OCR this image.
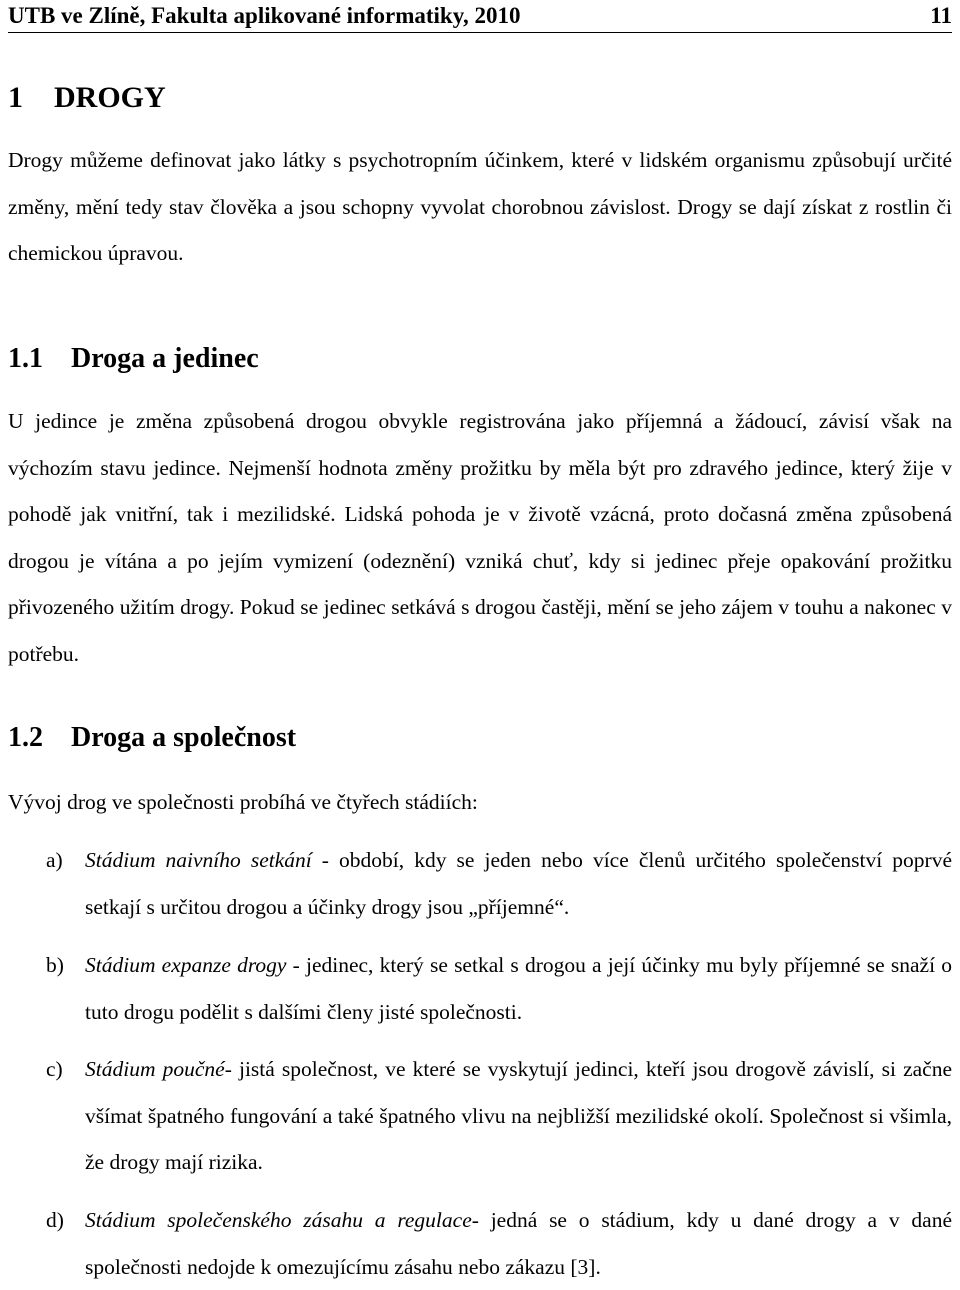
UTB ve Zlíně, Fakulta aplikované informatiky, 2010	11
1 DROGY

Drogy můžeme definovat jako látky s psychotropním účinkem, které v lidském organismu způsobují určité změny, mění tedy stav člověka a jsou schopny vyvolat chorobnou závislost. Drogy se dají získat z rostlin či chemickou úpravou.

1.1 Droga a jedinec

U jedince je změna způsobená drogou obvykle registrována jako příjemná a žádoucí, závisí však na výchozím stavu jedince. Nejmenší hodnota změny prožitku by měla být pro zdravého jedince, který žije v pohodě jak vnitřní, tak i mezilidské. Lidská pohoda je v životě vzácná, proto dočasná změna způsobená drogou je vítána a po jejím vymizení (odeznění) vzniká chuť, kdy si jedinec přeje opakování prožitku přivozeného užitím drogy. Pokud se jedinec setkává s drogou častěji, mění se jeho zájem v touhu a nakonec v potřebu.

1.2 Droga a společnost

Vývoj drog ve společnosti probíhá ve čtyřech stádiích:

a) Stádium naivního setkání - období, kdy se jeden nebo více členů určitého společenství poprvé setkají s určitou drogou a účinky drogy jsou „příjemné“.
b) Stádium expanze drogy - jedinec, který se setkal s drogou a její účinky mu byly příjemné se snaží o tuto drogu podělit s dalšími členy jisté společnosti.
c) Stádium poučné- jistá společnost, ve které se vyskytují jedinci, kteří jsou drogově závislí, si začne všímat špatného fungování a také špatného vlivu na nejbližší mezilidské okolí. Společnost si všimla, že drogy mají rizika.
d) Stádium společenského zásahu a regulace- jedná se o stádium, kdy u dané drogy a v dané společnosti nedojde k omezujícímu zásahu nebo zákazu [3].
